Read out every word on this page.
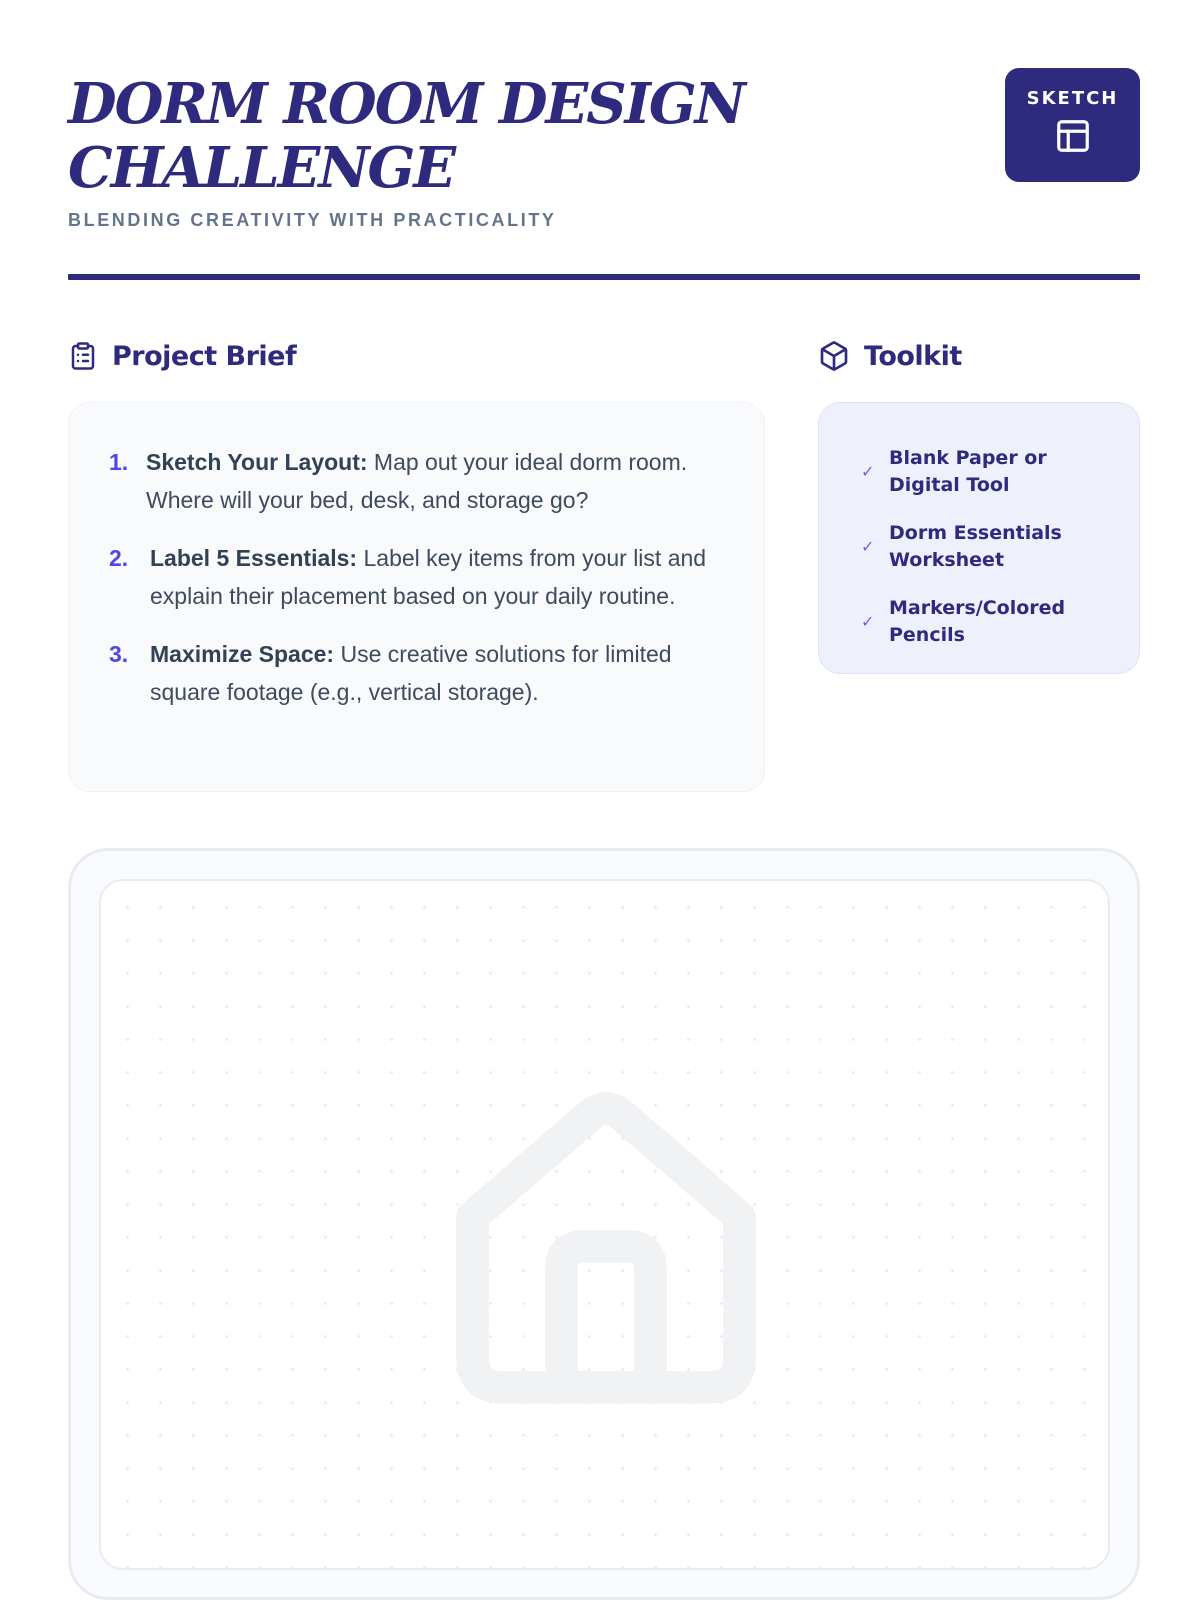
DORM ROOM DESIGN CHALLENGE
BLENDING CREATIVITY WITH PRACTICALITY
SKETCH
Project Brief	Toolkit
1. Sketch Your Layout: Map out your ideal dorm room. Where will your bed, desk, and storage go?
2. Label 5 Essentials: Label key items from your list and explain their placement based on your daily routine.
3. Maximize Space: Use creative solutions for limited square footage (e.g., vertical storage).
✓
Blank Paper or Digital Tool
✓
Dorm Essentials Worksheet
✓
Markers/Colored Pencils
